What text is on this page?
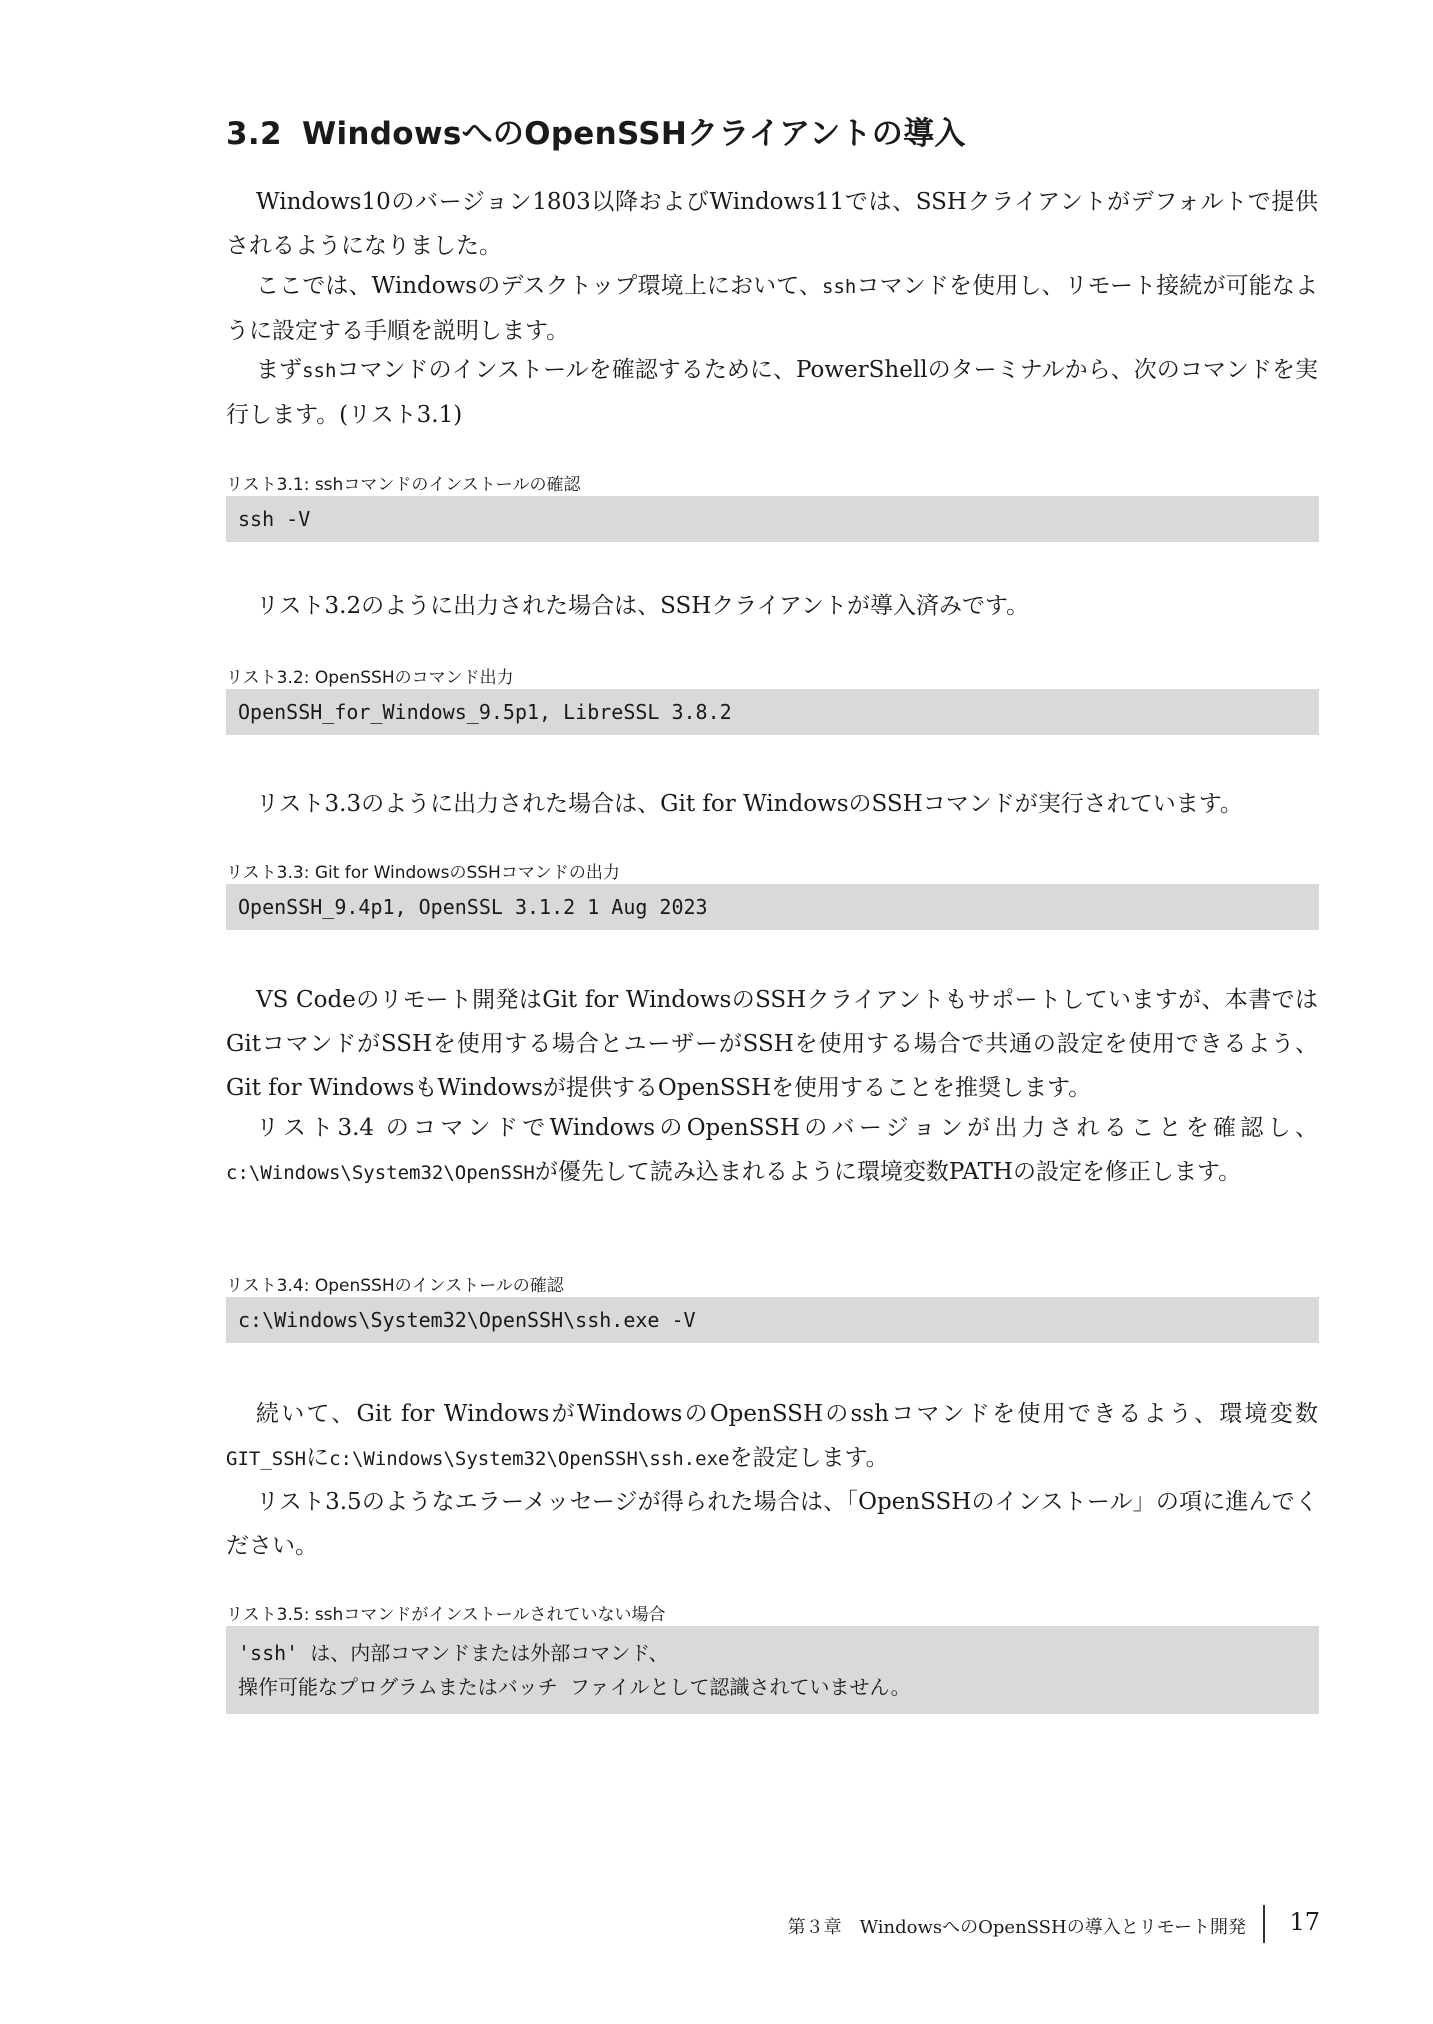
3.2 WindowsへのOpenSSHクライアントの導入

Windows10のバージョン1803以降およびWindows11では、SSHクライアントがデフォルトで提供されるようになりました。

ここでは、Windowsのデスクトップ環境上において、sshコマンドを使用し、リモート接続が可能なように設定する手順を説明します。

まずsshコマンドのインストールを確認するために、PowerShellのターミナルから、次のコマンドを実行します。(リスト3.1)

リスト3.1: sshコマンドのインストールの確認
ssh -V

リスト3.2のように出力された場合は、SSHクライアントが導入済みです。

リスト3.2: OpenSSHのコマンド出力
OpenSSH_for_Windows_9.5p1, LibreSSL 3.8.2

リスト3.3のように出力された場合は、Git for WindowsのSSHコマンドが実行されています。

リスト3.3: Git for WindowsのSSHコマンドの出力
OpenSSH_9.4p1, OpenSSL 3.1.2 1 Aug 2023

VS Codeのリモート開発はGit for WindowsのSSHクライアントもサポートしていますが、本書ではGitコマンドがSSHを使用する場合とユーザーがSSHを使用する場合で共通の設定を使用できるよう、Git for WindowsもWindowsが提供するOpenSSHを使用することを推奨します。

リスト3.4 のコマンドでWindowsのOpenSSHのバージョンが出力されることを確認し、c:\Windows\System32\OpenSSHが優先して読み込まれるように環境変数PATHの設定を修正します。

リスト3.4: OpenSSHのインストールの確認
c:\Windows\System32\OpenSSH\ssh.exe -V

続いて、Git for WindowsがWindowsのOpenSSHのsshコマンドを使用できるよう、環境変数GIT_SSHにc:\Windows\System32\OpenSSH\ssh.exeを設定します。

リスト3.5のようなエラーメッセージが得られた場合は、「OpenSSHのインストール」の項に進んでください。

リスト3.5: sshコマンドがインストールされていない場合
'ssh' は、内部コマンドまたは外部コマンド、
操作可能なプログラムまたはバッチ ファイルとして認識されていません。
第３章　WindowsへのOpenSSHの導入とリモート開発 17
